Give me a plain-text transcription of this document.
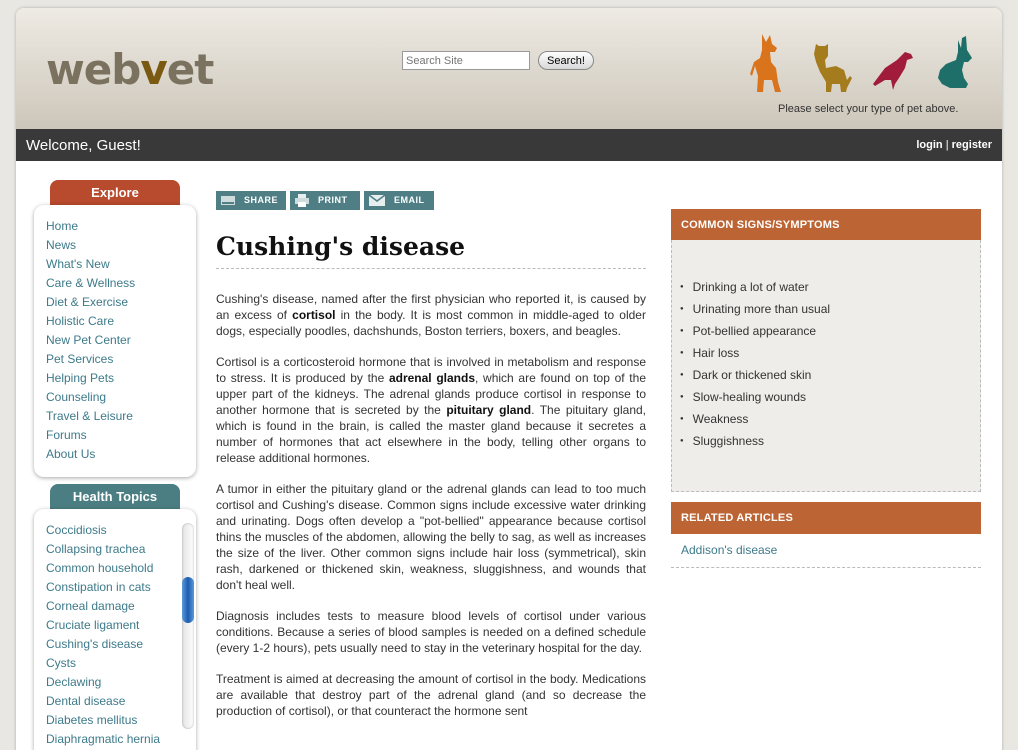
webvet
Search Site	Search!
Please select your type of pet above.
Welcome, Guest!	login | register
Explore
Home
News
What's New
Care & Wellness
Diet & Exercise
Holistic Care
New Pet Center
Pet Services
Helping Pets
Counseling
Travel & Leisure
Forums
About Us
Health Topics
Coccidiosis
Collapsing trachea
Common household
Constipation in cats
Corneal damage
Cruciate ligament
Cushing's disease
Cysts
Declawing
Dental disease
Diabetes mellitus
Diaphragmatic hernia
SHARE	PRINT	EMAIL
Cushing's disease

Cushing's disease, named after the first physician who reported it, is caused by an excess of cortisol in the body. It is most common in middle-aged to older dogs, especially poodles, dachshunds, Boston terriers, boxers, and beagles.

Cortisol is a corticosteroid hormone that is involved in metabolism and response to stress. It is produced by the adrenal glands, which are found on top of the upper part of the kidneys. The adrenal glands produce cortisol in response to another hormone that is secreted by the pituitary gland. The pituitary gland, which is found in the brain, is called the master gland because it secretes a number of hormones that act elsewhere in the body, telling other organs to release additional hormones.

A tumor in either the pituitary gland or the adrenal glands can lead to too much cortisol and Cushing's disease. Common signs include excessive water drinking and urinating. Dogs often develop a "pot-bellied" appearance because cortisol thins the muscles of the abdomen, allowing the belly to sag, as well as increases the size of the liver. Other common signs include hair loss (symmetrical), skin rash, darkened or thickened skin, weakness, sluggishness, and wounds that don't heal well.

Diagnosis includes tests to measure blood levels of cortisol under various conditions. Because a series of blood samples is needed on a defined schedule (every 1-2 hours), pets usually need to stay in the veterinary hospital for the day.

Treatment is aimed at decreasing the amount of cortisol in the body. Medications are available that destroy part of the adrenal gland (and so decrease the production of cortisol), or that counteract the hormone sent

COMMON SIGNS/SYMPTOMS
● Drinking a lot of water
● Urinating more than usual
● Pot-bellied appearance
● Hair loss
● Dark or thickened skin
● Slow-healing wounds
● Weakness
● Sluggishness
RELATED ARTICLES
Addison's disease
